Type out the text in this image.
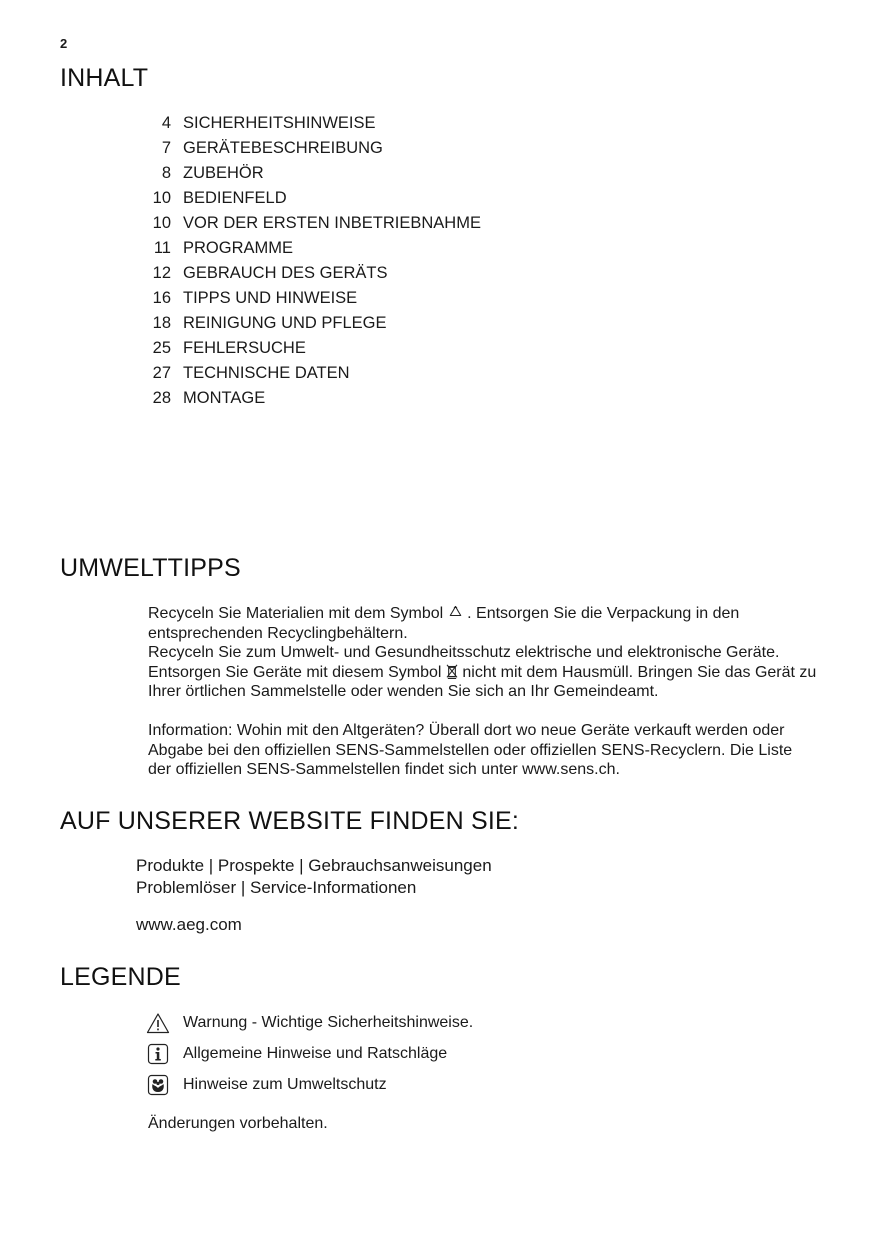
2
INHALT
4 SICHERHEITSHINWEISE
7 GERÄTEBESCHREIBUNG
8 ZUBEHÖR
10 BEDIENFELD
10 VOR DER ERSTEN INBETRIEBNAHME
11 PROGRAMME
12 GEBRAUCH DES GERÄTS
16 TIPPS UND HINWEISE
18 REINIGUNG UND PFLEGE
25 FEHLERSUCHE
27 TECHNISCHE DATEN
28 MONTAGE
UMWELTTIPPS

Recyceln Sie Materialien mit dem Symbol . Entsorgen Sie die Verpackung in den entsprechenden Recyclingbehältern.
Recyceln Sie zum Umwelt- und Gesundheitsschutz elektrische und elektronische Geräte. Entsorgen Sie Geräte mit diesem Symbol nicht mit dem Hausmüll. Bringen Sie das Gerät zu Ihrer örtlichen Sammelstelle oder wenden Sie sich an Ihr Gemeindeamt.

Information: Wohin mit den Altgeräten? Überall dort wo neue Geräte verkauft werden oder Abgabe bei den offiziellen SENS-Sammelstellen oder offiziellen SENS-Recyclern. Die Liste der offiziellen SENS-Sammelstellen findet sich unter www.sens.ch.

AUF UNSERER WEBSITE FINDEN SIE:

Produkte | Prospekte | Gebrauchsanweisungen

Problemlöser | Service-Informationen

www.aeg.com

LEGENDE
Warnung - Wichtige Sicherheitshinweise.
Allgemeine Hinweise und Ratschläge
Hinweise zum Umweltschutz

Änderungen vorbehalten.
